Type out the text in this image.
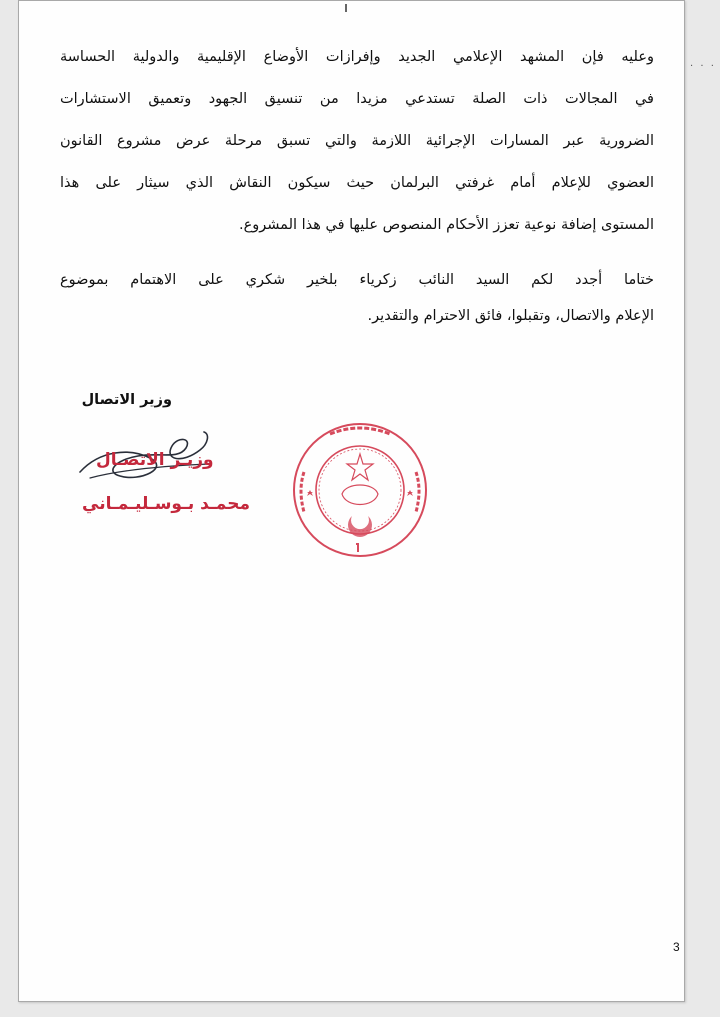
. . .
وعليه فإن المشهد الإعلامي الجديد وإفرازات الأوضاع الإقليمية والدولية الحساسة
في المجالات ذات الصلة تستدعي مزيدا من تنسيق الجهود وتعميق الاستشارات
الضرورية عبر المسارات الإجرائية اللازمة والتي تسبق مرحلة عرض مشروع القانون
العضوي للإعلام أمام غرفتي البرلمان حيث سيكون النقاش الذي سيثار على هذا
المستوى إضافة نوعية تعزز الأحكام المنصوص عليها في هذا المشروع.
ختاما أجدد لكم السيد النائب زكرياء بلخير شكري على الاهتمام بموضوع
الإعلام والاتصال، وتقبلوا، فائق الاحترام والتقدير.
وزير الاتصال
وزيـر الاتصـال
محمـد بـوسـليـمـاني
3
